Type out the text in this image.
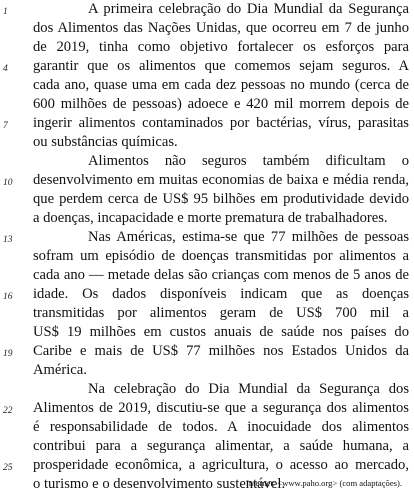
A primeira celebração do Dia Mundial da Segurança
dos Alimentos das Nações Unidas, que ocorreu em 7 de junho
de 2019, tinha como objetivo fortalecer os esforços para
garantir que os alimentos que comemos sejam seguros. A
cada ano, quase uma em cada dez pessoas no mundo (cerca de
600 milhões de pessoas) adoece e 420 mil morrem depois de
ingerir alimentos contaminados por bactérias, vírus, parasitas
ou substâncias químicas.
Alimentos não seguros também dificultam o
desenvolvimento em muitas economias de baixa e média renda,
que perdem cerca de US$ 95 bilhões em produtividade devido
a doenças, incapacidade e morte prematura de trabalhadores.
Nas Américas, estima-se que 77 milhões de pessoas
sofram um episódio de doenças transmitidas por alimentos a
cada ano — metade delas são crianças com menos de 5 anos de
idade. Os dados disponíveis indicam que as doenças
transmitidas por alimentos geram de US$ 700 mil a
US$ 19 milhões em custos anuais de saúde nos países do
Caribe e mais de US$ 77 milhões nos Estados Unidos da
América.
Na celebração do Dia Mundial da Segurança dos
Alimentos de 2019, discutiu-se que a segurança dos alimentos
é responsabilidade de todos. A inocuidade dos alimentos
contribui para a segurança alimentar, a saúde humana, a
prosperidade econômica, a agricultura, o acesso ao mercado,
o turismo e o desenvolvimento sustentável.
1
4
7
10
13
16
19
22
25
Internet: <www.paho.org> (com adaptações).
